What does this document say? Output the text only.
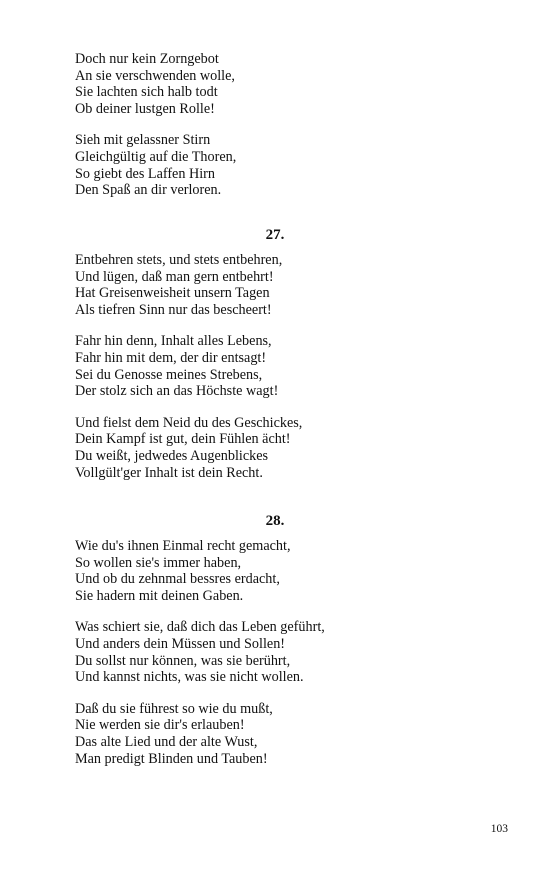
Doch nur kein Zorngebot
An sie verschwenden wolle,
Sie lachten sich halb todt
Ob deiner lustgen Rolle!
Sieh mit gelassner Stirn
Gleichgültig auf die Thoren,
So giebt des Laffen Hirn
Den Spaß an dir verloren.
27.
Entbehren stets, und stets entbehren,
Und lügen, daß man gern entbehrt!
Hat Greisenweisheit unsern Tagen
Als tiefren Sinn nur das bescheert!
Fahr hin denn, Inhalt alles Lebens,
Fahr hin mit dem, der dir entsagt!
Sei du Genosse meines Strebens,
Der stolz sich an das Höchste wagt!
Und fielst dem Neid du des Geschickes,
Dein Kampf ist gut, dein Fühlen ächt!
Du weißt, jedwedes Augenblickes
Vollgült'ger Inhalt ist dein Recht.
28.
Wie du's ihnen Einmal recht gemacht,
So wollen sie's immer haben,
Und ob du zehnmal bessres erdacht,
Sie hadern mit deinen Gaben.
Was schiert sie, daß dich das Leben geführt,
Und anders dein Müssen und Sollen!
Du sollst nur können, was sie berührt,
Und kannst nichts, was sie nicht wollen.
Daß du sie führest so wie du mußt,
Nie werden sie dir's erlauben!
Das alte Lied und der alte Wust,
Man predigt Blinden und Tauben!
103
